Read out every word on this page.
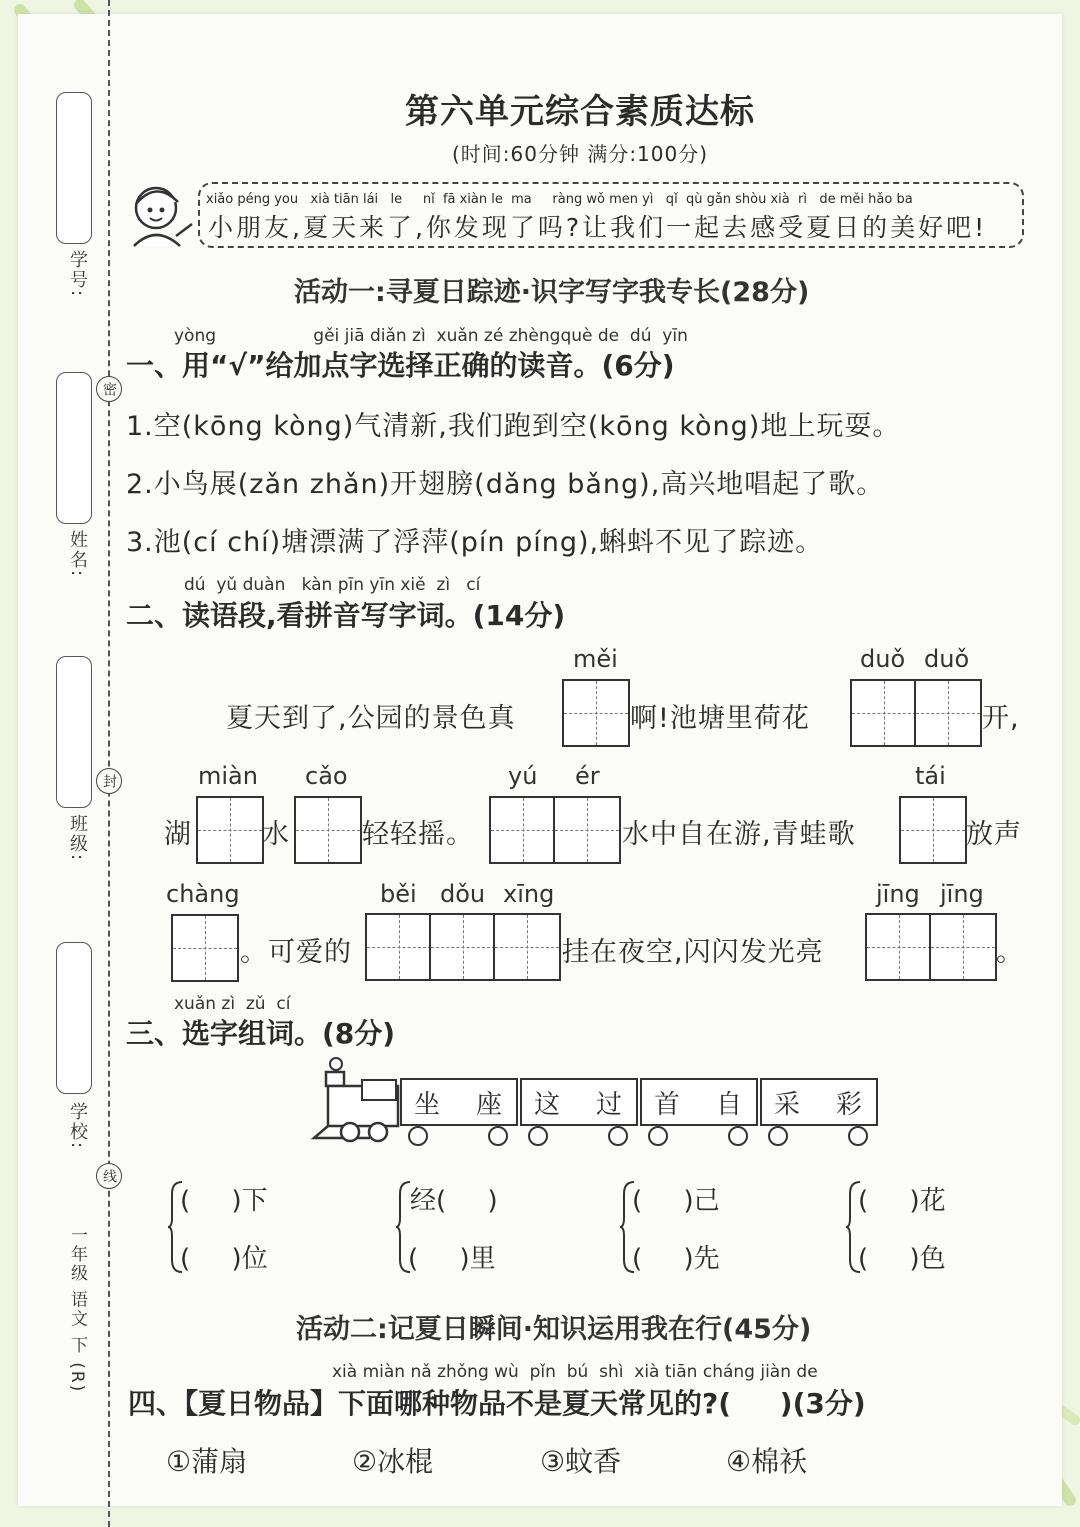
学号:
姓名:
班级:
学校:
一年级 语文 下 (R)
密
封
线
第六单元综合素质达标
(时间:60分钟 满分:100分)
xiǎo péng you   xià tiān lái   le     nǐ  fā xiàn le  ma     ràng wǒ men yì   qǐ  qù gǎn shòu xià  rì   de měi hǎo ba
小朋友,夏天来了,你发现了吗?让我们一起去感受夏日的美好吧!
活动一:寻夏日踪迹·识字写字我专长(28分)
yòng                  gěi jiā diǎn zì  xuǎn zé zhèngquè de  dú  yīn
一、用“√”给加点字选择正确的读音。(6分)
1.空(kōng kòng)气清新,我们跑到空(kōng kòng)地上玩耍。
2.小鸟展(zǎn zhǎn)开翅膀(dǎng bǎng),高兴地唱起了歌。
3.池(cí chí)塘漂满了浮萍(pín píng),蝌蚪不见了踪迹。
dú  yǔ duàn   kàn pīn yīn xiě  zì   cí
二、读语段,看拼音写字词。(14分)
měi	duǒ duǒ
夏天到了,公园的景色真	啊!池塘里荷花	开,
miàn cǎo	yú ér	tái
湖	水	轻轻摇。	水中自在游,青蛙歌	放声
chàng	běi dǒu xīng	jīng jīng
。可爱的	挂在夜空,闪闪发光亮	。
xuǎn zì  zǔ  cí
三、选字组词。(8分)
坐 座 这 过 首 自 采 彩
(     )下
(     )位
经(     )
(     )里
(     )己
(     )先
(     )花
(     )色
活动二:记夏日瞬间·知识运用我在行(45分)
xià miàn nǎ zhǒng wù  pǐn  bú  shì  xià tiān cháng jiàn de
四、【夏日物品】下面哪种物品不是夏天常见的?(     )(3分)
①蒲扇	②冰棍	③蚊香	④棉袄
